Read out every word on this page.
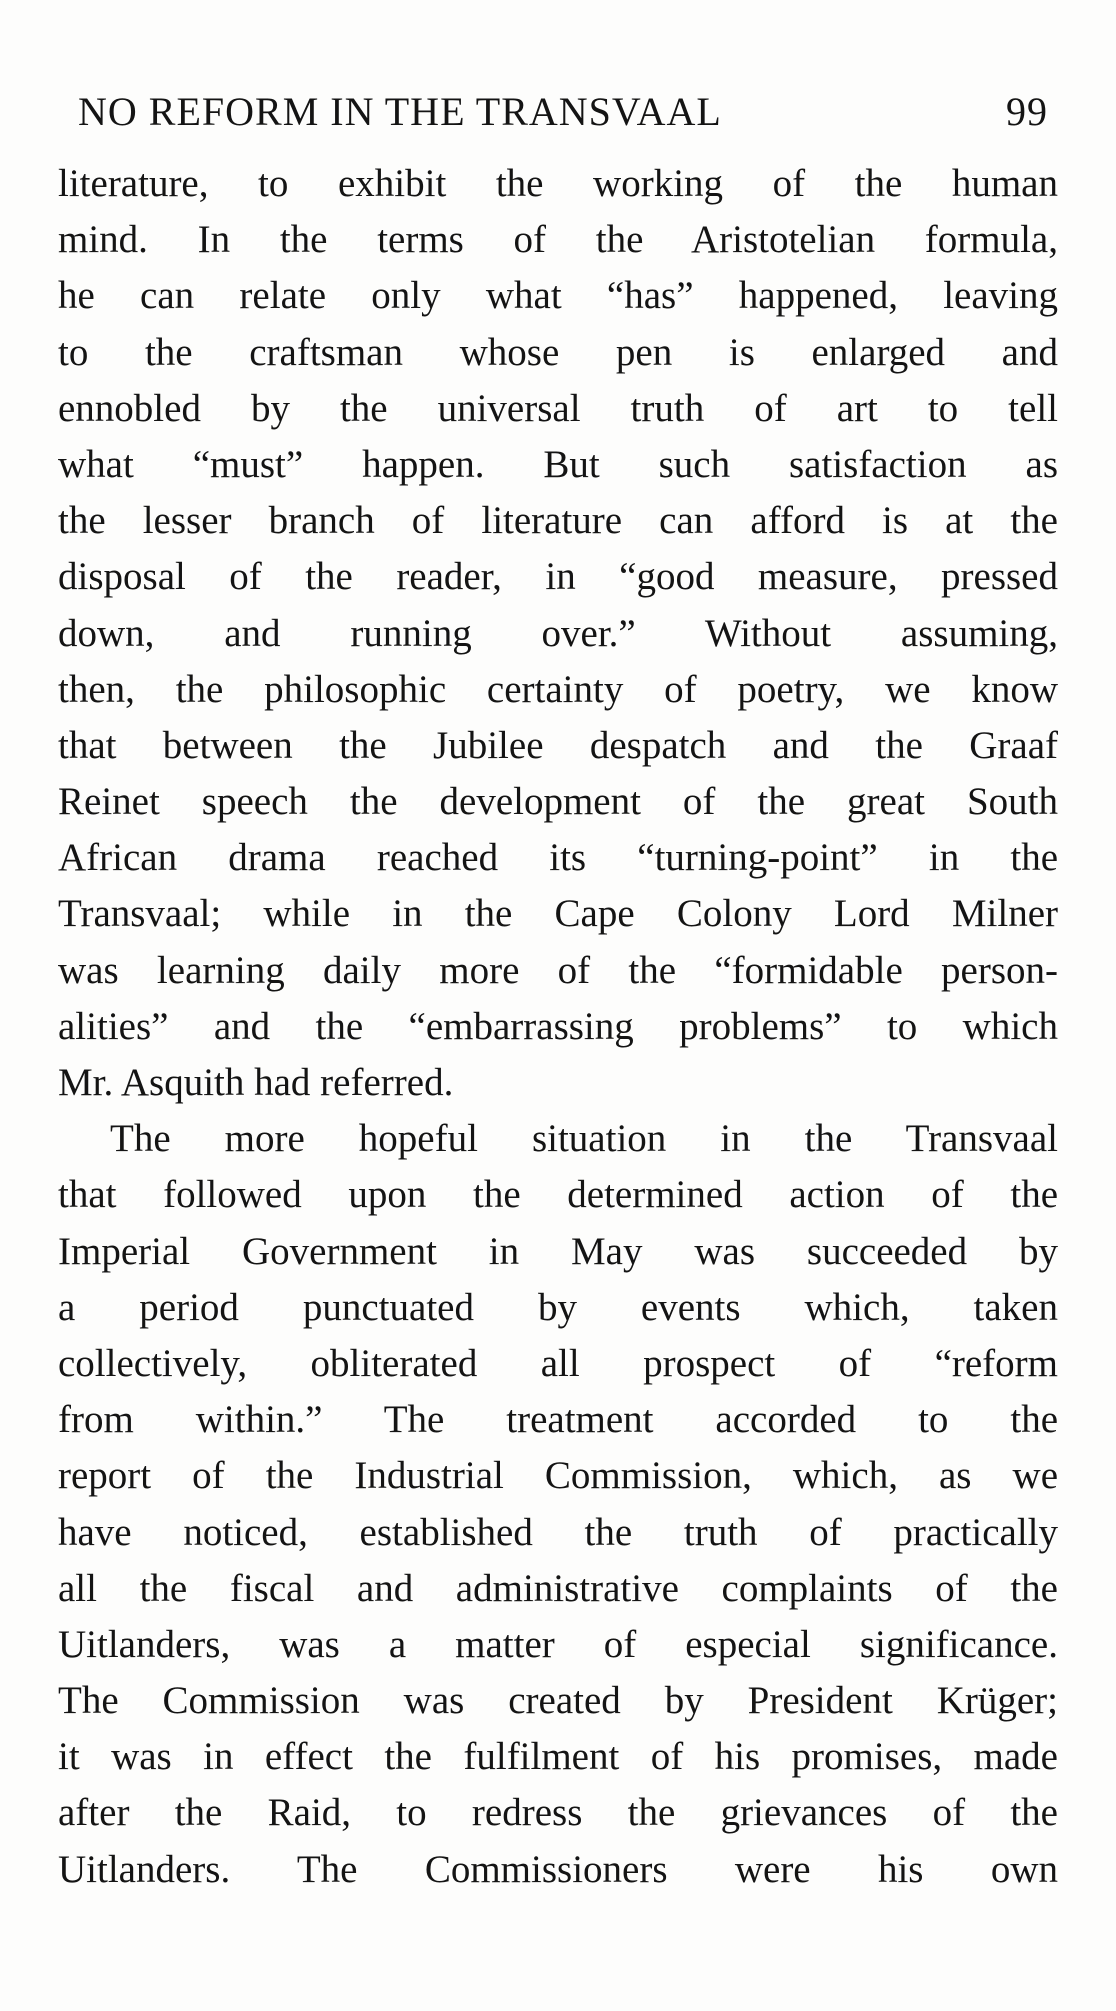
NO REFORM IN THE TRANSVAAL	99
literature, to exhibit the working of the human
mind. In the terms of the Aristotelian formula,
he can relate only what “has” happened, leaving
to the craftsman whose pen is enlarged and
ennobled by the universal truth of art to tell
what “must” happen. But such satisfaction as
the lesser branch of literature can afford is at the
disposal of the reader, in “good measure, pressed
down, and running over.” Without assuming,
then, the philosophic certainty of poetry, we know
that between the Jubilee despatch and the Graaf
Reinet speech the development of the great South
African drama reached its “turning-point” in the
Transvaal; while in the Cape Colony Lord Milner
was learning daily more of the “formidable person-
alities” and the “embarrassing problems” to which
Mr. Asquith had referred.
The more hopeful situation in the Transvaal
that followed upon the determined action of the
Imperial Government in May was succeeded by
a period punctuated by events which, taken
collectively, obliterated all prospect of “reform
from within.” The treatment accorded to the
report of the Industrial Commission, which, as we
have noticed, established the truth of practically
all the fiscal and administrative complaints of the
Uitlanders, was a matter of especial significance.
The Commission was created by President Krüger;
it was in effect the fulfilment of his promises, made
after the Raid, to redress the grievances of the
Uitlanders. The Commissioners were his own
